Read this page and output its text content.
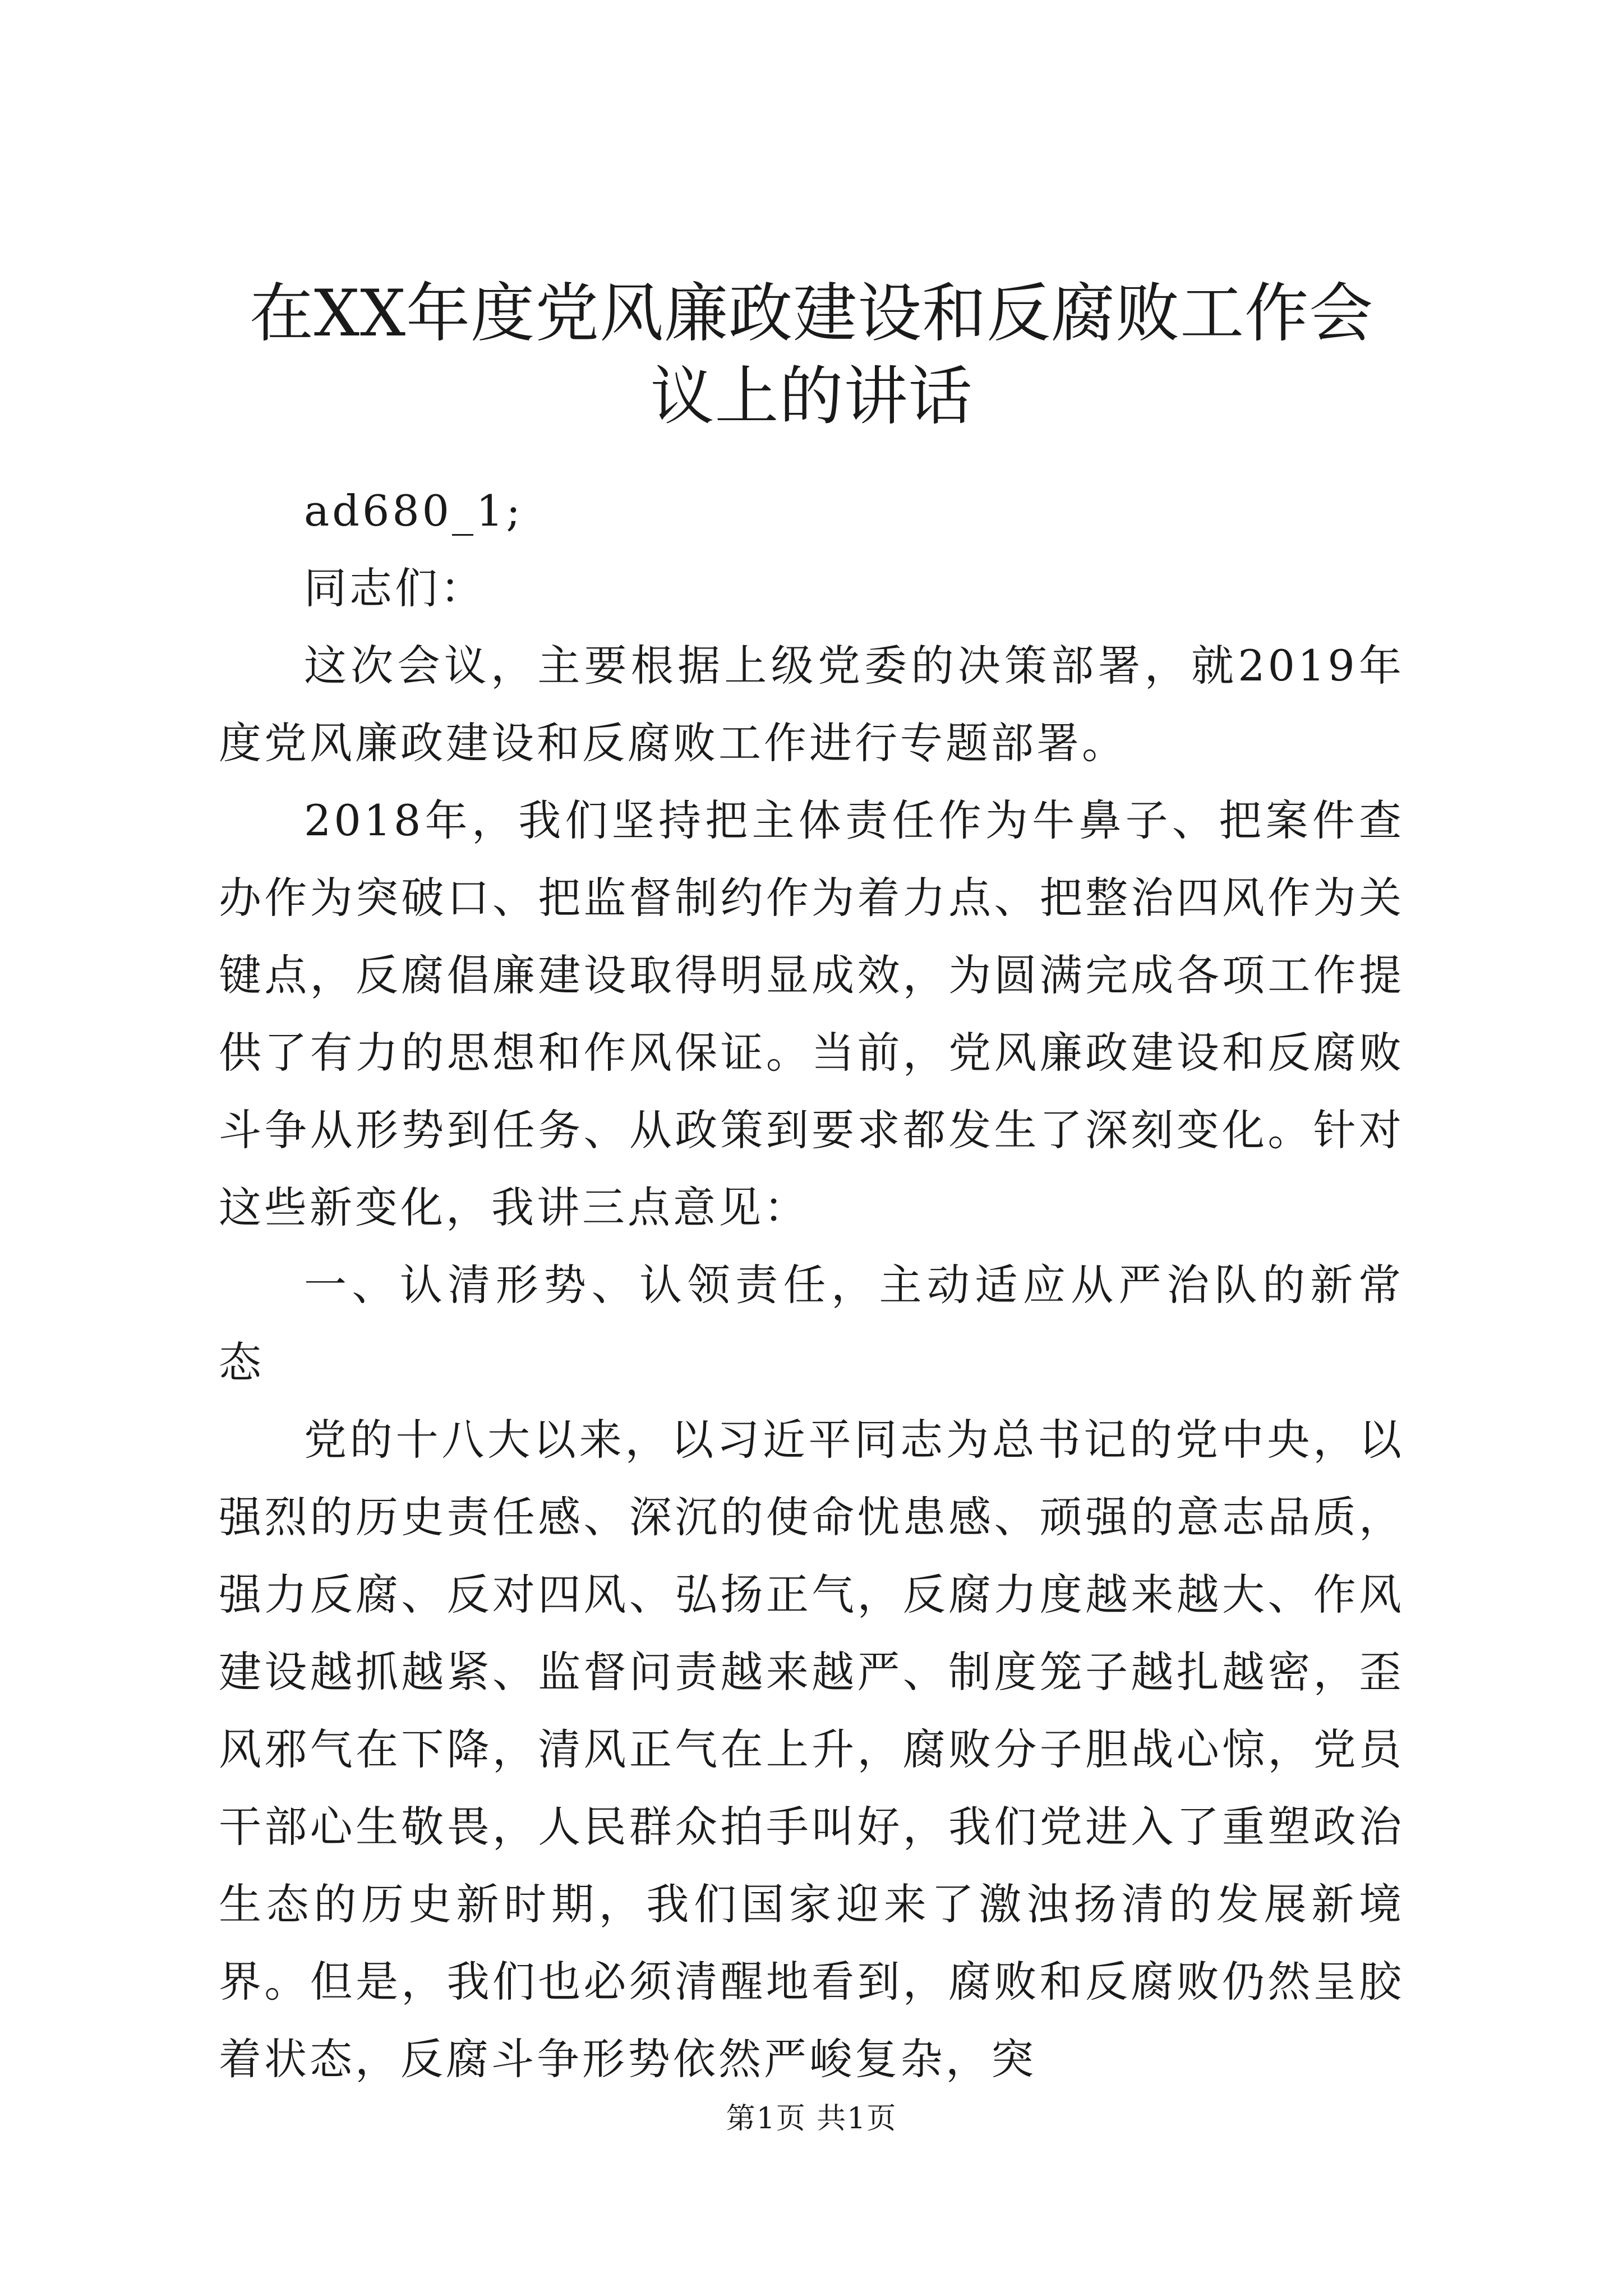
在XX年度党风廉政建设和反腐败工作会议上的讲话

ad680_1;

同志们：

这次会议，主要根据上级党委的决策部署，就2019年度党风廉政建设和反腐败工作进行专题部署。

2018年，我们坚持把主体责任作为牛鼻子、把案件查办作为突破口、把监督制约作为着力点、把整治四风作为关键点，反腐倡廉建设取得明显成效，为圆满完成各项工作提供了有力的思想和作风保证。当前，党风廉政建设和反腐败斗争从形势到任务、从政策到要求都发生了深刻变化。针对这些新变化，我讲三点意见：

一、认清形势、认领责任，主动适应从严治队的新常态

党的十八大以来，以习近平同志为总书记的党中央，以强烈的历史责任感、深沉的使命忧患感、顽强的意志品质，强力反腐、反对四风、弘扬正气，反腐力度越来越大、作风建设越抓越紧、监督问责越来越严、制度笼子越扎越密，歪风邪气在下降，清风正气在上升，腐败分子胆战心惊，党员干部心生敬畏，人民群众拍手叫好，我们党进入了重塑政治生态的历史新时期，我们国家迎来了激浊扬清的发展新境界。但是，我们也必须清醒地看到，腐败和反腐败仍然呈胶着状态，反腐斗争形势依然严峻复杂，突

第1页 共1页
